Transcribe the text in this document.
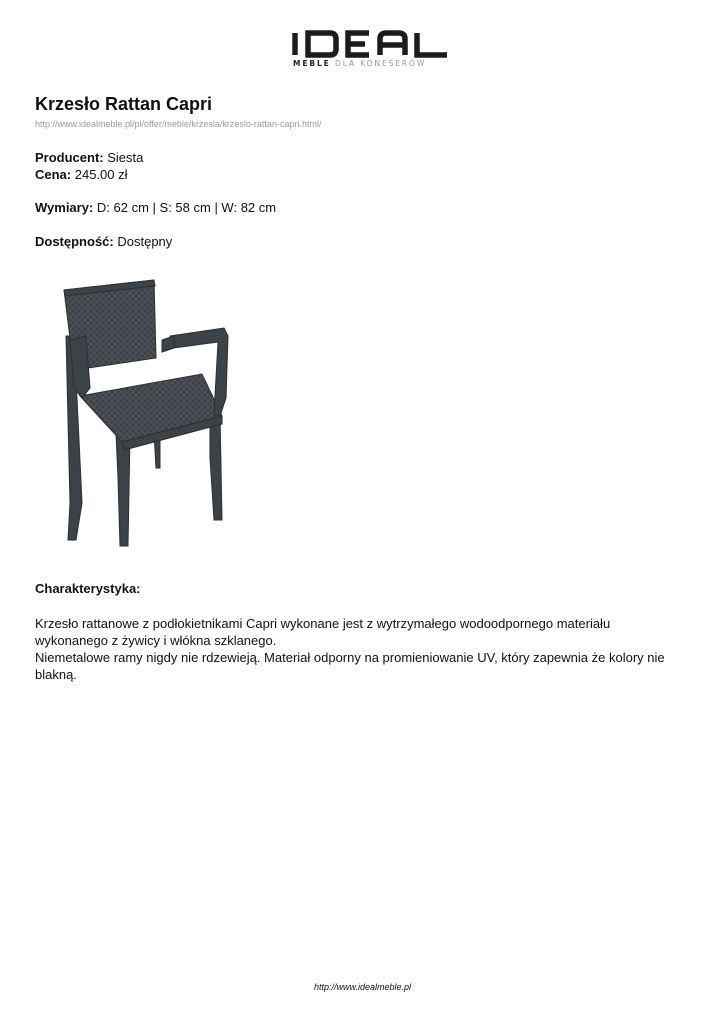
MEBLE DLA KONESERÓW
Krzesło Rattan Capri
http://www.idealmeble.pl/pl/offer/meble/krzesla/krzeslo-rattan-capri.html/
Producent: Siesta
Cena: 245.00 zł
Wymiary: D: 62 cm | S: 58 cm | W: 82 cm
Dostępność: Dostępny
Charakterystyka:

Krzesło rattanowe z podłokietnikami Capri wykonane jest z wytrzymałego wodoodpornego materiału wykonanego z żywicy i włókna szklanego.

Niemetalowe ramy nigdy nie rdzewieją. Materiał odporny na promieniowanie UV, który zapewnia że kolory nie blakną.

http://www.idealmeble.pl
